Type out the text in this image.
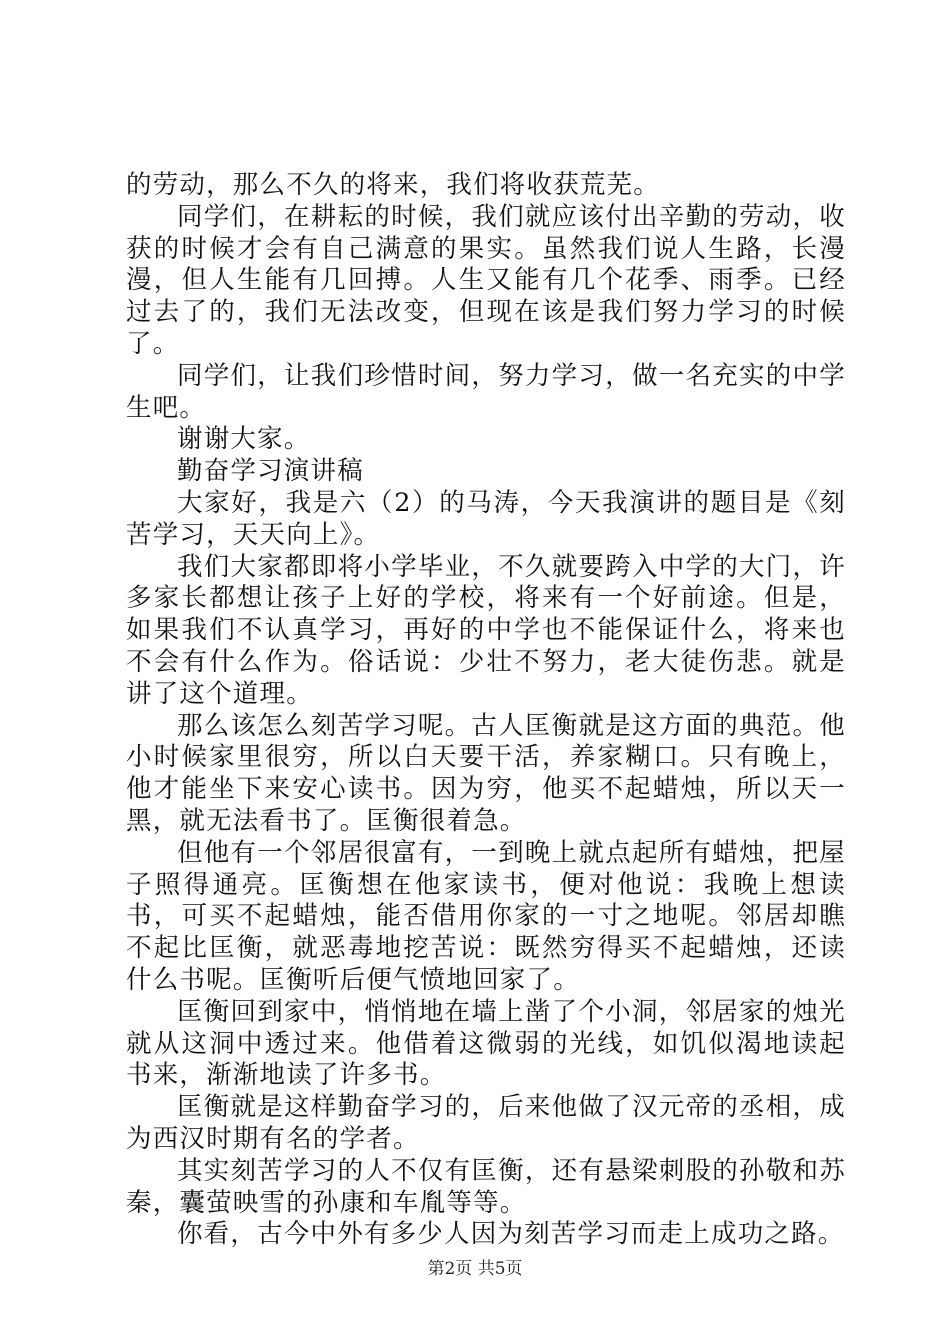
的劳动，那么不久的将来，我们将收获荒芜。

同学们，在耕耘的时候，我们就应该付出辛勤的劳动，收获的时候才会有自己满意的果实。虽然我们说人生路，长漫漫，但人生能有几回搏。人生又能有几个花季、雨季。已经过去了的，我们无法改变，但现在该是我们努力学习的时候了。

同学们，让我们珍惜时间，努力学习，做一名充实的中学生吧。

谢谢大家。

勤奋学习演讲稿

大家好，我是六（2）的马涛，今天我演讲的题目是《刻苦学习，天天向上》。

我们大家都即将小学毕业，不久就要跨入中学的大门，许多家长都想让孩子上好的学校，将来有一个好前途。但是，如果我们不认真学习，再好的中学也不能保证什么，将来也不会有什么作为。俗话说：少壮不努力，老大徒伤悲。就是讲了这个道理。

那么该怎么刻苦学习呢。古人匡衡就是这方面的典范。他小时候家里很穷，所以白天要干活，养家糊口。只有晚上，他才能坐下来安心读书。因为穷，他买不起蜡烛，所以天一黑，就无法看书了。匡衡很着急。

但他有一个邻居很富有，一到晚上就点起所有蜡烛，把屋子照得通亮。匡衡想在他家读书，便对他说：我晚上想读书，可买不起蜡烛，能否借用你家的一寸之地呢。邻居却瞧不起比匡衡，就恶毒地挖苦说：既然穷得买不起蜡烛，还读什么书呢。匡衡听后便气愤地回家了。

匡衡回到家中，悄悄地在墙上凿了个小洞，邻居家的烛光就从这洞中透过来。他借着这微弱的光线，如饥似渴地读起书来，渐渐地读了许多书。

匡衡就是这样勤奋学习的，后来他做了汉元帝的丞相，成为西汉时期有名的学者。

其实刻苦学习的人不仅有匡衡，还有悬梁刺股的孙敬和苏秦，囊萤映雪的孙康和车胤等等。

你看，古今中外有多少人因为刻苦学习而走上成功之路。

第2页 共5页
